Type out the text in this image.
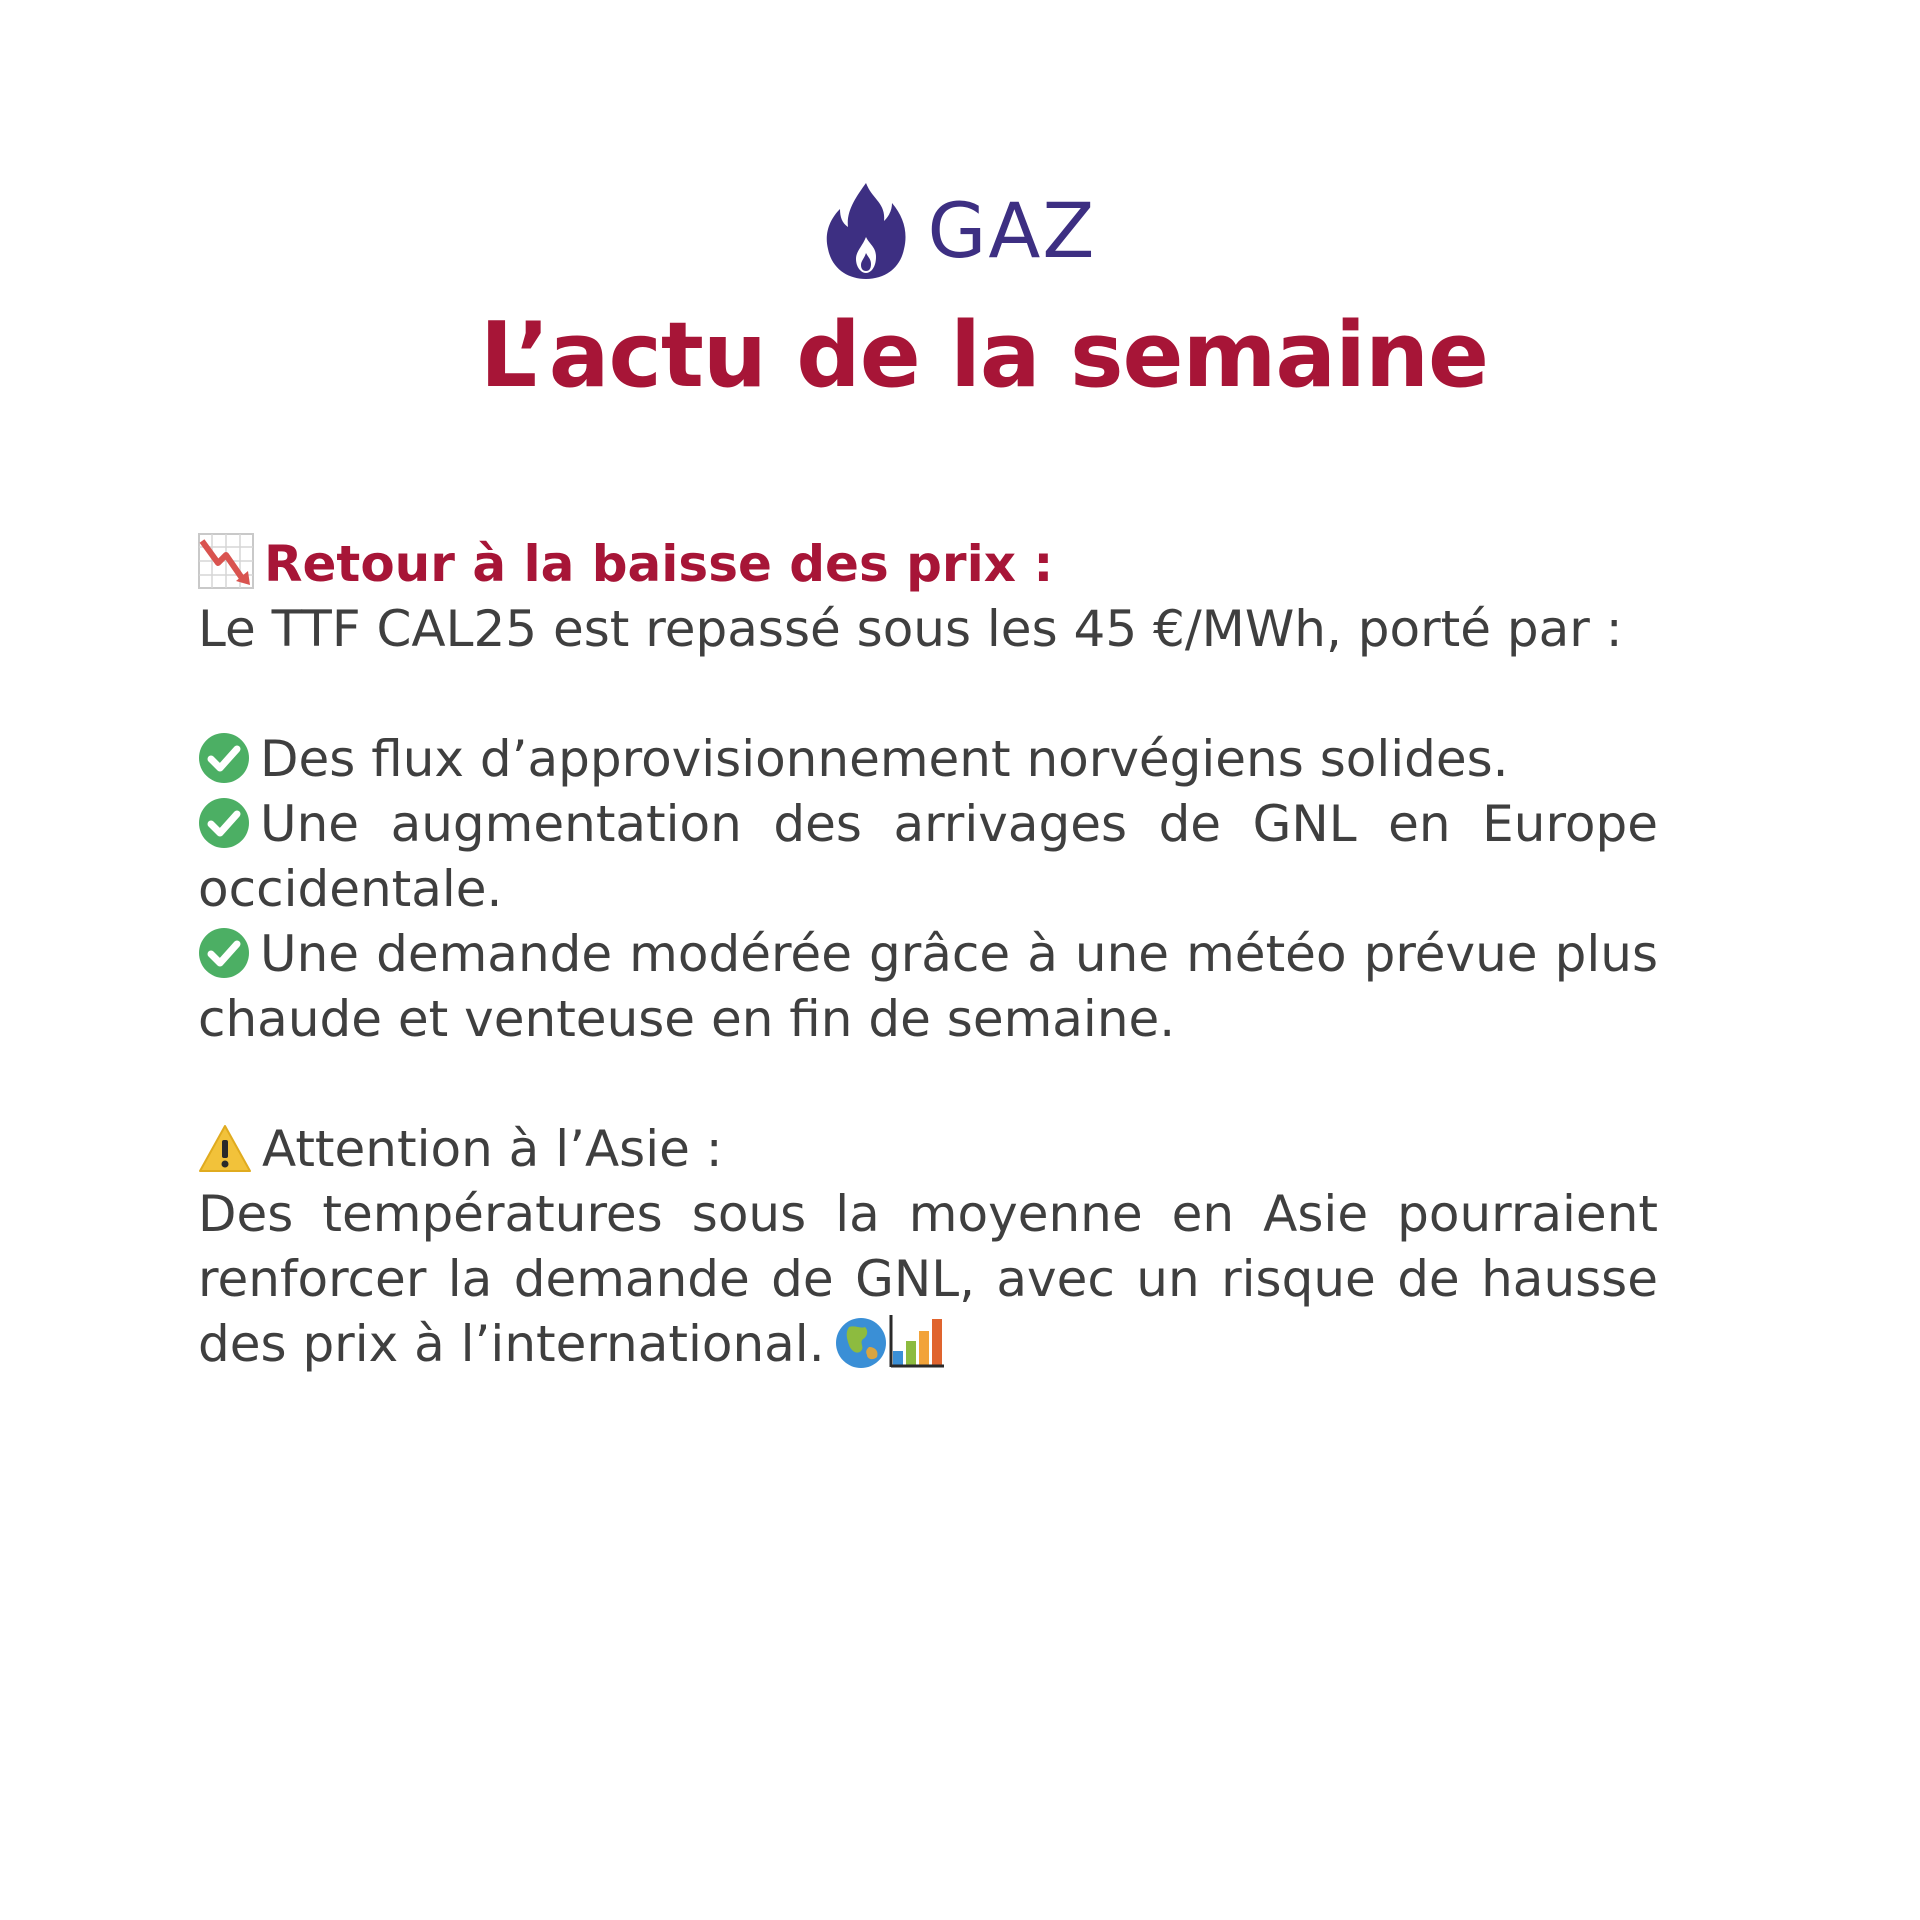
GAZ
L’actu de la semaine
Retour à la baisse des prix :
Le TTF CAL25 est repassé sous les 45 €/MWh, porté par :
Des flux d’approvisionnement norvégiens solides.
Une augmentation des arrivages de GNL en Europe occidentale.
Une demande modérée grâce à une météo prévue plus chaude et venteuse en fin de semaine.
Attention à l’Asie :
Des températures sous la moyenne en Asie pourraient renforcer la demande de GNL, avec un risque de hausse des prix à l’international.
